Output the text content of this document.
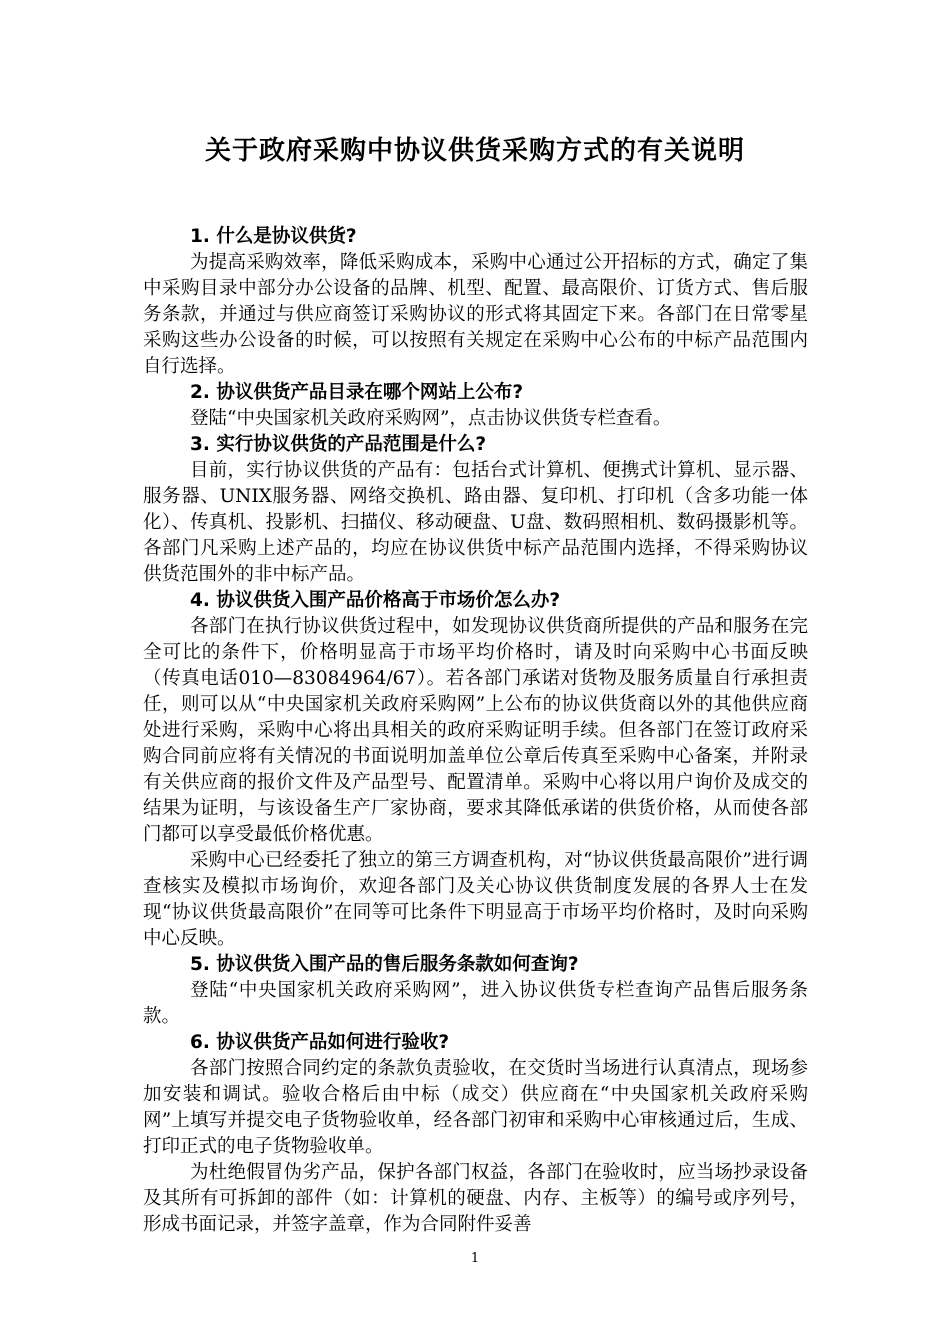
关于政府采购中协议供货采购方式的有关说明
1. 什么是协议供货?

为提高采购效率，降低采购成本，采购中心通过公开招标的方式，确定了集中采购目录中部分办公设备的品牌、机型、配置、最高限价、订货方式、售后服务条款，并通过与供应商签订采购协议的形式将其固定下来。各部门在日常零星采购这些办公设备的时候，可以按照有关规定在采购中心公布的中标产品范围内自行选择。

2. 协议供货产品目录在哪个网站上公布?

登陆“中央国家机关政府采购网”，点击协议供货专栏查看。

3. 实行协议供货的产品范围是什么?

目前，实行协议供货的产品有：包括台式计算机、便携式计算机、显示器、服务器、UNIX服务器、网络交换机、路由器、复印机、打印机（含多功能一体化）、传真机、投影机、扫描仪、移动硬盘、U盘、数码照相机、数码摄影机等。各部门凡采购上述产品的，均应在协议供货中标产品范围内选择，不得采购协议供货范围外的非中标产品。

4. 协议供货入围产品价格高于市场价怎么办?

各部门在执行协议供货过程中，如发现协议供货商所提供的产品和服务在完全可比的条件下，价格明显高于市场平均价格时，请及时向采购中心书面反映（传真电话010—83084964/67）。若各部门承诺对货物及服务质量自行承担责任，则可以从“中央国家机关政府采购网”上公布的协议供货商以外的其他供应商处进行采购，采购中心将出具相关的政府采购证明手续。但各部门在签订政府采购合同前应将有关情况的书面说明加盖单位公章后传真至采购中心备案，并附录有关供应商的报价文件及产品型号、配置清单。采购中心将以用户询价及成交的结果为证明，与该设备生产厂家协商，要求其降低承诺的供货价格，从而使各部门都可以享受最低价格优惠。

采购中心已经委托了独立的第三方调查机构，对“协议供货最高限价”进行调查核实及模拟市场询价，欢迎各部门及关心协议供货制度发展的各界人士在发现“协议供货最高限价”在同等可比条件下明显高于市场平均价格时，及时向采购中心反映。

5. 协议供货入围产品的售后服务条款如何查询?

登陆“中央国家机关政府采购网”，进入协议供货专栏查询产品售后服务条款。

6. 协议供货产品如何进行验收?

各部门按照合同约定的条款负责验收，在交货时当场进行认真清点，现场参加安装和调试。验收合格后由中标（成交）供应商在“中央国家机关政府采购网”上填写并提交电子货物验收单，经各部门初审和采购中心审核通过后，生成、打印正式的电子货物验收单。

为杜绝假冒伪劣产品，保护各部门权益，各部门在验收时，应当场抄录设备及其所有可拆卸的部件（如：计算机的硬盘、内存、主板等）的编号或序列号，形成书面记录，并签字盖章，作为合同附件妥善

1
